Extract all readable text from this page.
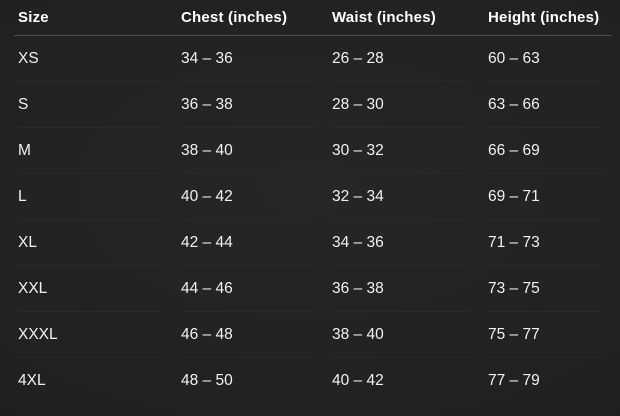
Size	Chest (inches)	Waist (inches)	Height (inches)
XS	34 – 36	26 – 28	60 – 63
S	36 – 38	28 – 30	63 – 66
M	38 – 40	30 – 32	66 – 69
L	40 – 42	32 – 34	69 – 71
XL	42 – 44	34 – 36	71 – 73
XXL	44 – 46	36 – 38	73 – 75
XXXL	46 – 48	38 – 40	75 – 77
4XL	48 – 50	40 – 42	77 – 79
